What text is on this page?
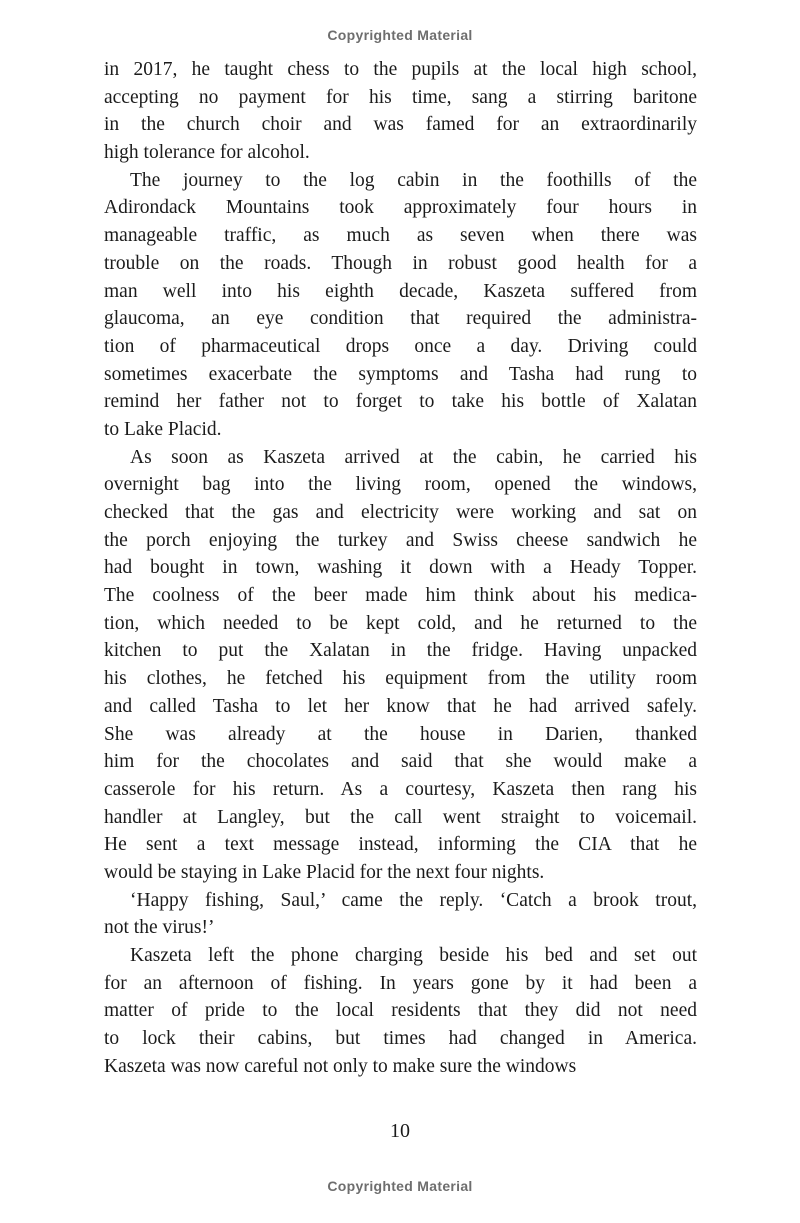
Copyrighted Material

in 2017, he taught chess to the pupils at the local high school,
accepting no payment for his time, sang a stirring baritone
in the church choir and was famed for an extraordinarily
high tolerance for alcohol.

The journey to the log cabin in the foothills of the
Adirondack Mountains took approximately four hours in
manageable traffic, as much as seven when there was
trouble on the roads. Though in robust good health for a
man well into his eighth decade, Kaszeta suffered from
glaucoma, an eye condition that required the administra-
tion of pharmaceutical drops once a day. Driving could
sometimes exacerbate the symptoms and Tasha had rung to
remind her father not to forget to take his bottle of Xalatan
to Lake Placid.

As soon as Kaszeta arrived at the cabin, he carried his
overnight bag into the living room, opened the windows,
checked that the gas and electricity were working and sat on
the porch enjoying the turkey and Swiss cheese sandwich he
had bought in town, washing it down with a Heady Topper.
The coolness of the beer made him think about his medica-
tion, which needed to be kept cold, and he returned to the
kitchen to put the Xalatan in the fridge. Having unpacked
his clothes, he fetched his equipment from the utility room
and called Tasha to let her know that he had arrived safely.
She was already at the house in Darien, thanked
him for the chocolates and said that she would make a
casserole for his return. As a courtesy, Kaszeta then rang his
handler at Langley, but the call went straight to voicemail.
He sent a text message instead, informing the CIA that he
would be staying in Lake Placid for the next four nights.

‘Happy fishing, Saul,’ came the reply. ‘Catch a brook trout,
not the virus!’

Kaszeta left the phone charging beside his bed and set out
for an afternoon of fishing. In years gone by it had been a
matter of pride to the local residents that they did not need
to lock their cabins, but times had changed in America.
Kaszeta was now careful not only to make sure the windows

10
Copyrighted Material
